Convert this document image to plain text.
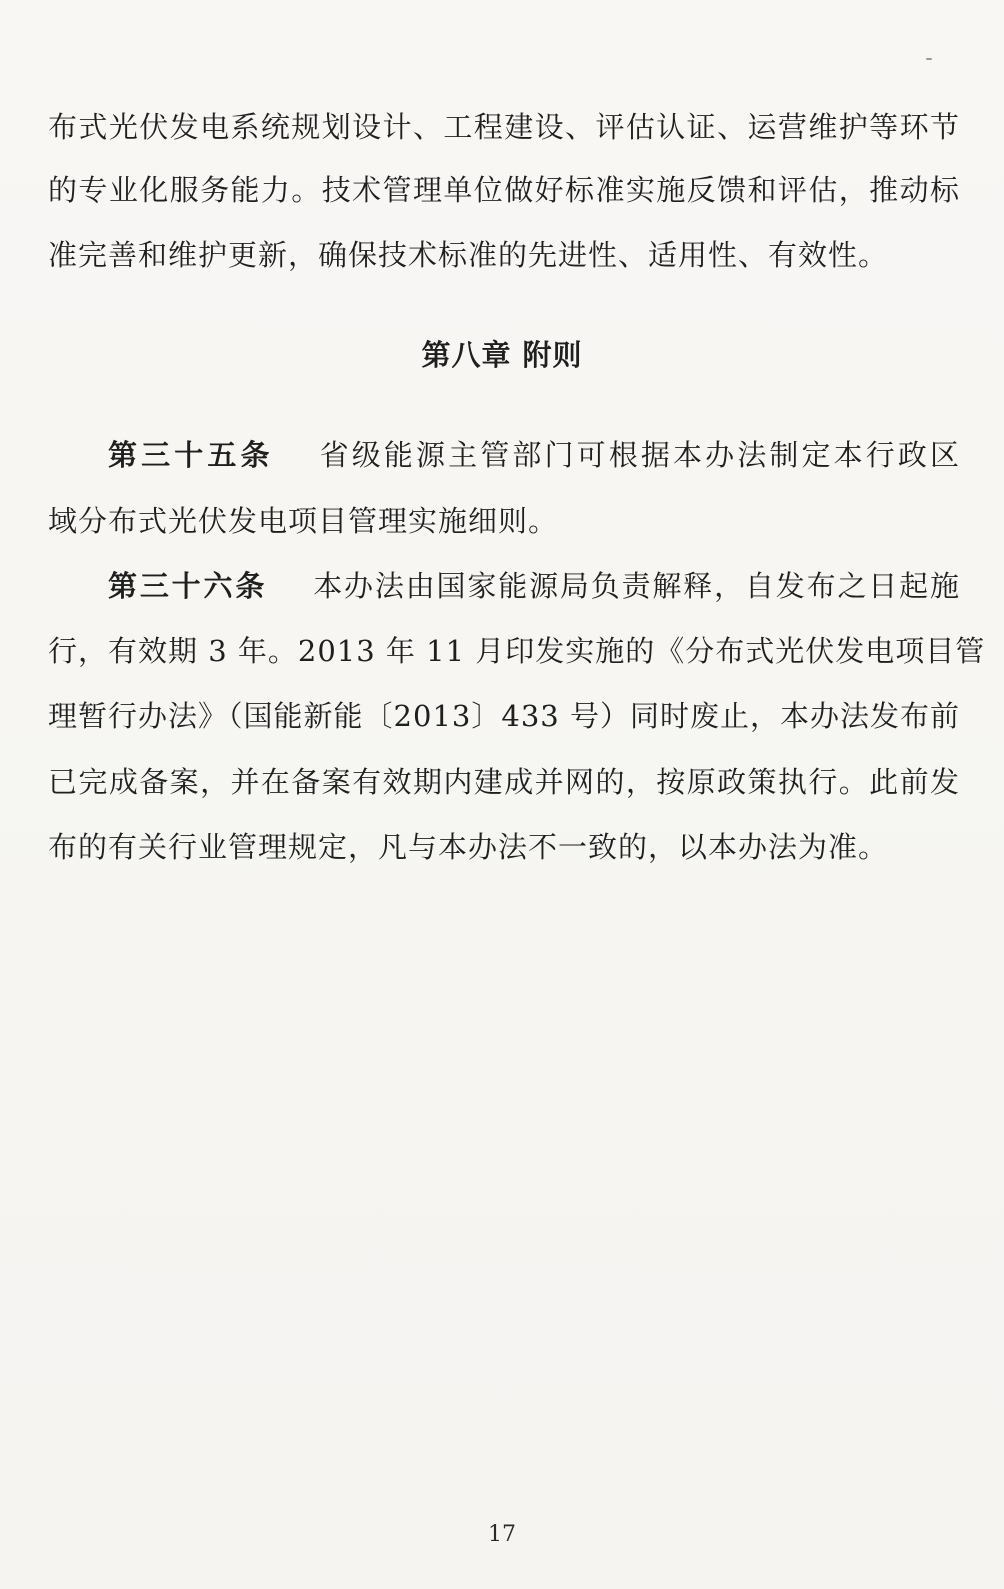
布式光伏发电系统规划设计、工程建设、评估认证、运营维护等环节
的专业化服务能力。技术管理单位做好标准实施反馈和评估，推动标
准完善和维护更新，确保技术标准的先进性、适用性、有效性。
第八章 附则
第三十五条 省级能源主管部门可根据本办法制定本行政区
域分布式光伏发电项目管理实施细则。
第三十六条 本办法由国家能源局负责解释，自发布之日起施
行，有效期 3 年。2013 年 11 月印发实施的《分布式光伏发电项目管
理暂行办法》（国能新能〔2013〕433 号）同时废止，本办法发布前
已完成备案，并在备案有效期内建成并网的，按原政策执行。此前发
布的有关行业管理规定，凡与本办法不一致的，以本办法为准。
17
